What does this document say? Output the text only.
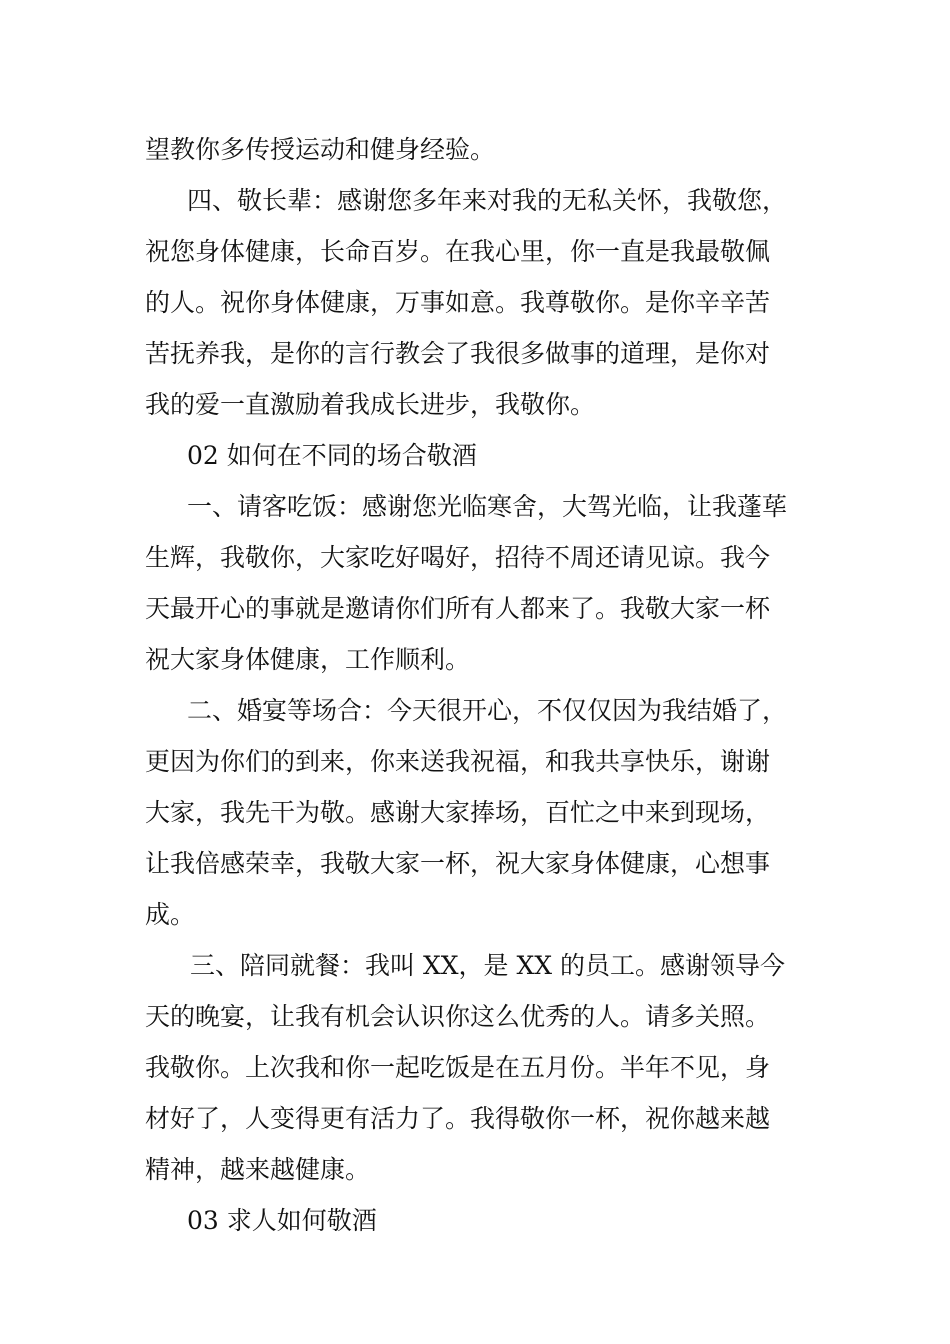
望教你多传授运动和健身经验。

四、敬长辈：感谢您多年来对我的无私关怀，我敬您，

祝您身体健康，长命百岁。在我心里，你一直是我最敬佩

的人。祝你身体健康，万事如意。我尊敬你。是你辛辛苦

苦抚养我，是你的言行教会了我很多做事的道理，是你对

我的爱一直激励着我成长进步，我敬你。

02 如何在不同的场合敬酒

一、请客吃饭：感谢您光临寒舍，大驾光临，让我蓬荜

生辉，我敬你，大家吃好喝好，招待不周还请见谅。我今

天最开心的事就是邀请你们所有人都来了。我敬大家一杯

祝大家身体健康，工作顺利。

二、婚宴等场合：今天很开心，不仅仅因为我结婚了，

更因为你们的到来，你来送我祝福，和我共享快乐，谢谢

大家，我先干为敬。感谢大家捧场，百忙之中来到现场，

让我倍感荣幸，我敬大家一杯，祝大家身体健康，心想事

成。

三、陪同就餐：我叫 XX，是 XX 的员工。感谢领导今

天的晚宴，让我有机会认识你这么优秀的人。请多关照。

我敬你。上次我和你一起吃饭是在五月份。半年不见，身

材好了，人变得更有活力了。我得敬你一杯，祝你越来越

精神，越来越健康。

03 求人如何敬酒
